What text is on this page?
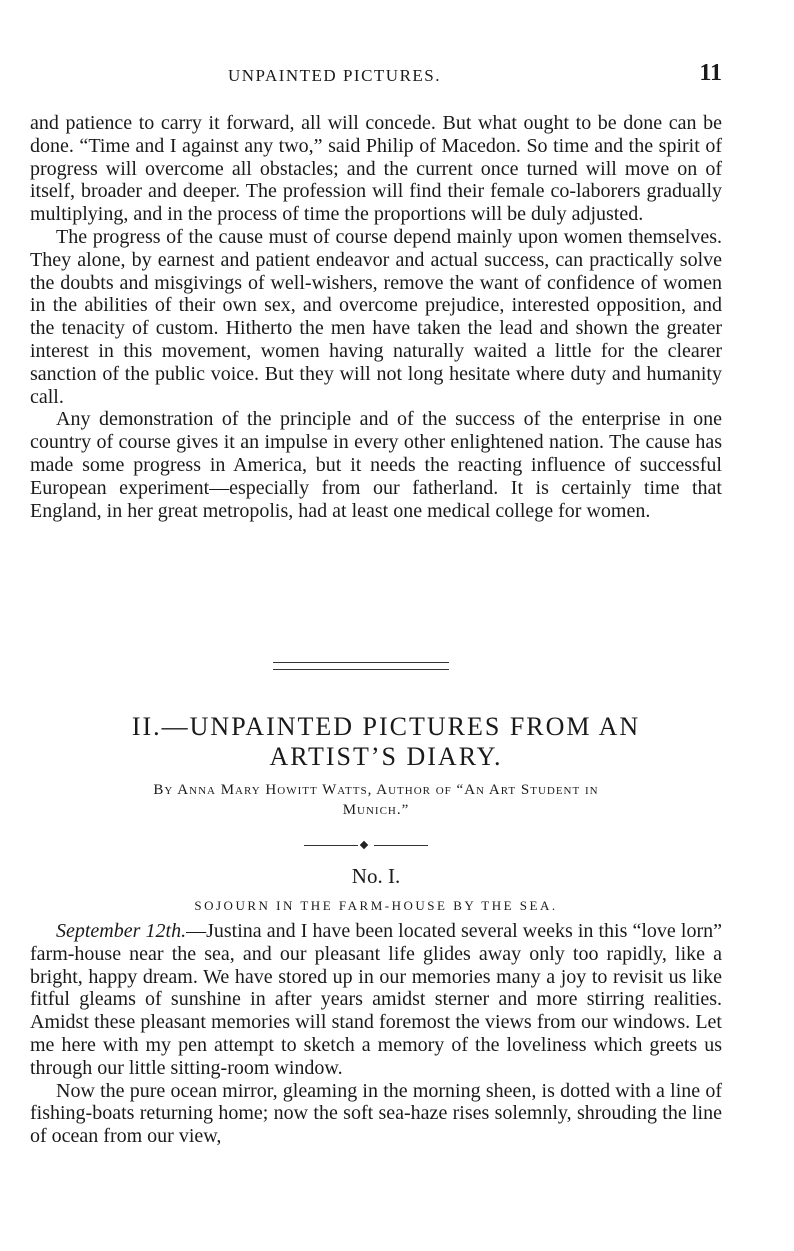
UNPAINTED PICTURES.	11

and patience to carry it forward, all will concede. But what ought to be done can be done. “Time and I against any two,” said Philip of Macedon. So time and the spirit of progress will overcome all obstacles; and the current once turned will move on of itself, broader and deeper. The profession will find their female co-laborers gradually multiplying, and in the process of time the proportions will be duly adjusted.

The progress of the cause must of course depend mainly upon women themselves. They alone, by earnest and patient endeavor and actual success, can practically solve the doubts and misgivings of well-wishers, remove the want of confidence of women in the abilities of their own sex, and overcome prejudice, interested opposition, and the tenacity of custom. Hitherto the men have taken the lead and shown the greater interest in this movement, women having naturally waited a little for the clearer sanction of the public voice. But they will not long hesitate where duty and humanity call.

Any demonstration of the principle and of the success of the enterprise in one country of course gives it an impulse in every other enlightened nation. The cause has made some progress in America, but it needs the reacting influence of successful European experiment—especially from our fatherland. It is certainly time that England, in her great metropolis, had at least one medical college for women.

II.—UNPAINTED PICTURES FROM AN
ARTIST’S DIARY.
By Anna Mary Howitt Watts, Author of “An Art Student in
Munich.”
No. I.
SOJOURN IN THE FARM-HOUSE BY THE SEA.

September 12th.—Justina and I have been located several weeks in this “love lorn” farm-house near the sea, and our pleasant life glides away only too rapidly, like a bright, happy dream. We have stored up in our memories many a joy to revisit us like fitful gleams of sunshine in after years amidst sterner and more stirring realities. Amidst these pleasant memories will stand foremost the views from our windows. Let me here with my pen attempt to sketch a memory of the loveliness which greets us through our little sitting-room window.

Now the pure ocean mirror, gleaming in the morning sheen, is dotted with a line of fishing-boats returning home; now the soft sea-haze rises solemnly, shrouding the line of ocean from our view,
